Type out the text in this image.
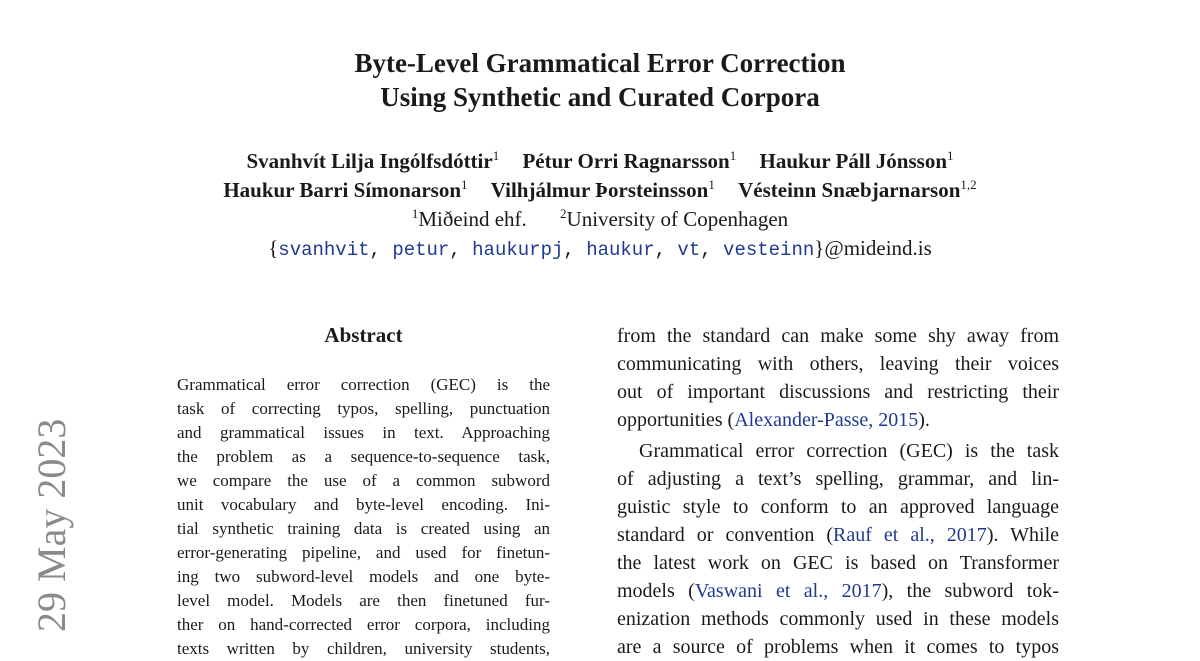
29 May 2023
Byte-Level Grammatical Error Correction
Using Synthetic and Curated Corpora
Svanhvít Lilja Ingólfsdóttir$^1$ Pétur Orri Ragnarsson$^1$ Haukur Páll Jónsson$^1$
Haukur Barri Símonarson$^1$ Vilhjálmur Þorsteinsson$^1$ Vésteinn Snæbjarnarson$^{1,2}$
$^1$Miðeind ehf.	$^2$University of Copenhagen
{svanhvit, petur, haukurpj, haukur, vt, vesteinn}@mideind.is
Abstract
Grammatical error correction (GEC) is the
task of correcting typos, spelling, punctuation
and grammatical issues in text. Approaching
the problem as a sequence-to-sequence task,
we compare the use of a common subword
unit vocabulary and byte-level encoding. Ini-
tial synthetic training data is created using an
error-generating pipeline, and used for finetun-
ing two subword-level models and one byte-
level model. Models are then finetuned fur-
ther on hand-corrected error corpora, including
texts written by children, university students,
from the standard can make some shy away from
communicating with others, leaving their voices
out of important discussions and restricting their
opportunities (Alexander-Passe, 2015).
Grammatical error correction (GEC) is the task
of adjusting a text’s spelling, grammar, and lin-
guistic style to conform to an approved language
standard or convention (Rauf et al., 2017). While
the latest work on GEC is based on Transformer
models (Vaswani et al., 2017), the subword tok-
enization methods commonly used in these models
are a source of problems when it comes to typos
